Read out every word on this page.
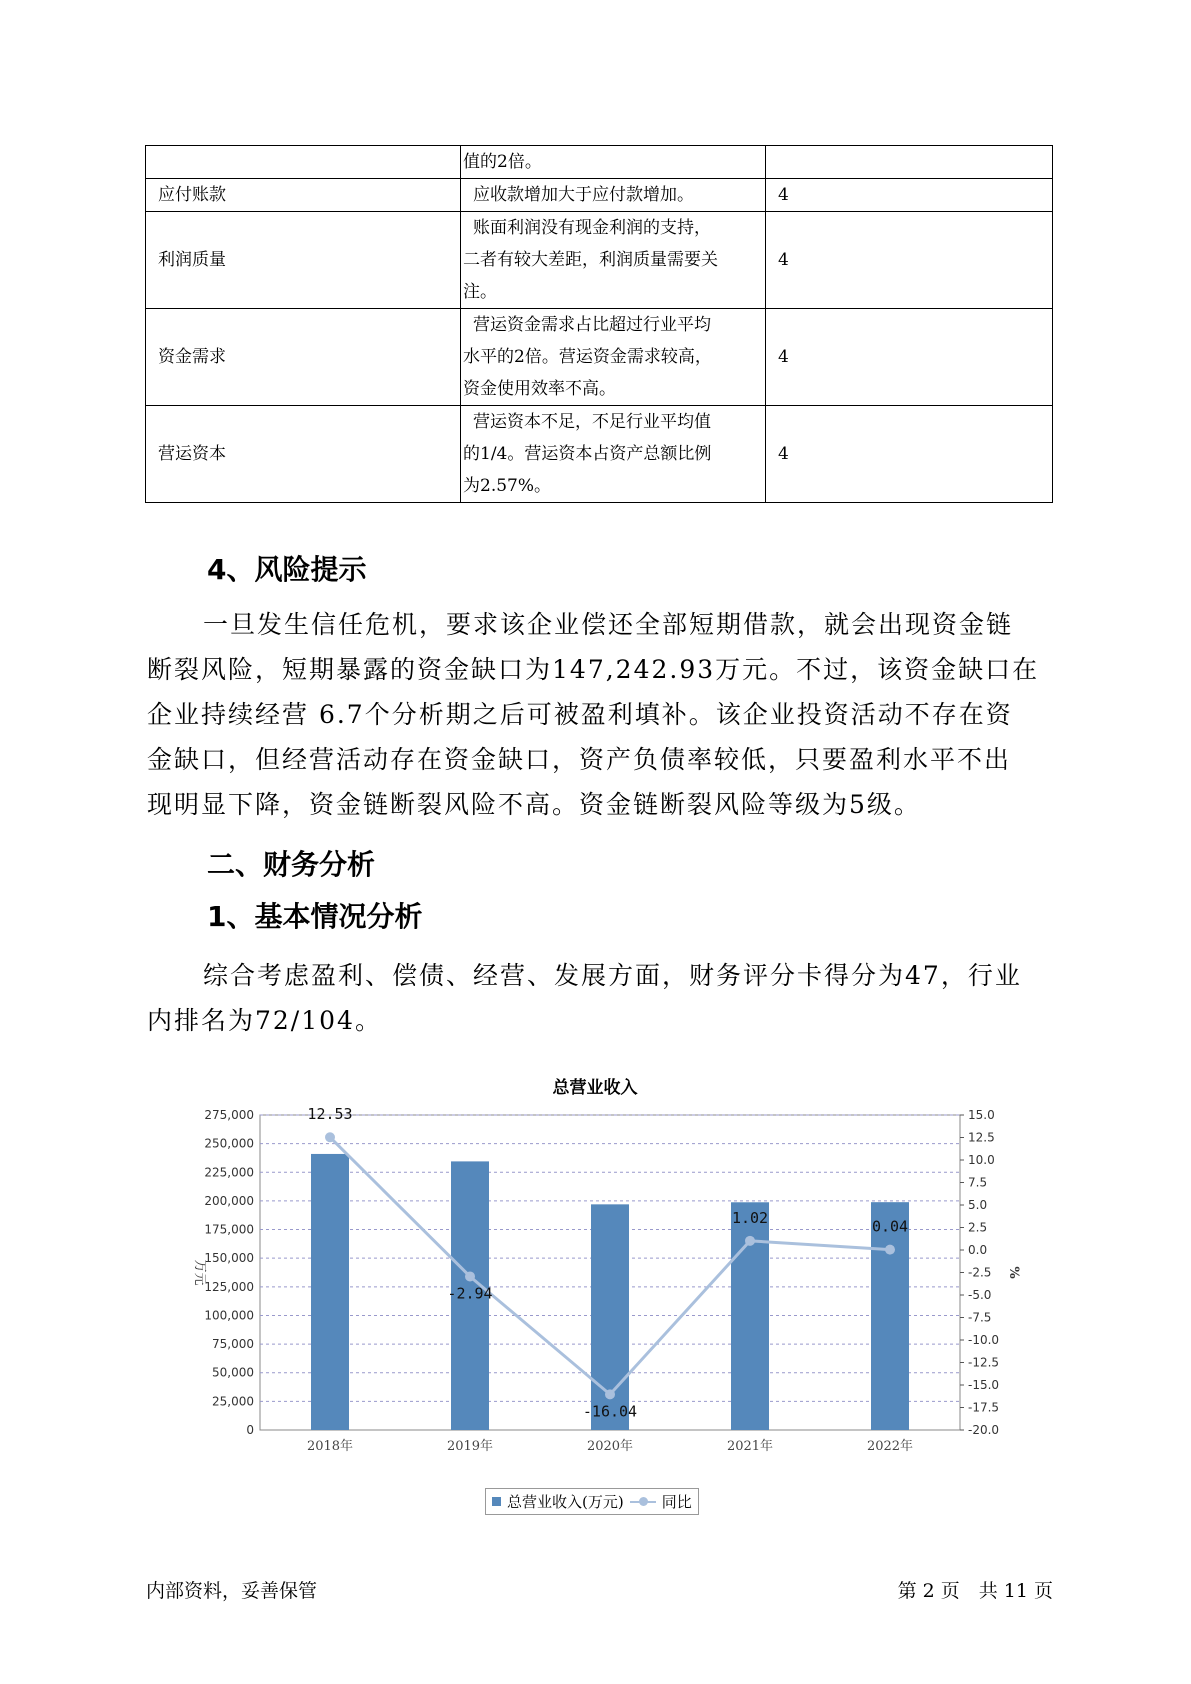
	值的2倍。	

应付账款	应收款增加大于应付款增加。	4
利润质量	账面利润没有现金利润的支持，
二者有较大差距，利润质量需要关
注。	4
资金需求	营运资金需求占比超过行业平均
水平的2倍。营运资金需求较高，
资金使用效率不高。	4
营运资本	营运资本不足，不足行业平均值
的1/4。营运资本占资产总额比例
为2.57%。	4
4、风险提示
一旦发生信任危机，要求该企业偿还全部短期借款，就会出现资金链
断裂风险，短期暴露的资金缺口为147,242.93万元。不过，该资金缺口在
企业持续经营 6.7个分析期之后可被盈利填补。该企业投资活动不存在资
金缺口，但经营活动存在资金缺口，资产负债率较低，只要盈利水平不出
现明显下降，资金链断裂风险不高。资金链断裂风险等级为5级。
二、财务分析
1、基本情况分析
综合考虑盈利、偿债、经营、发展方面，财务评分卡得分为47，行业
内排名为72/104。
总营业收入
0
25,000
50,000
75,000
100,000
125,000
150,000
175,000
200,000
225,000
250,000
275,000
-20.0
-17.5
-15.0
-12.5
-10.0
-7.5
-5.0
-2.5
0.0
2.5
5.0
7.5
10.0
12.5
15.0
万元	%
2018年	2019年	2020年	2021年	2022年
12.53
-2.94
-16.04
1.02	0.04
总营业收入(万元)	同比
内部资料，妥善保管	第 2 页　共 11 页
